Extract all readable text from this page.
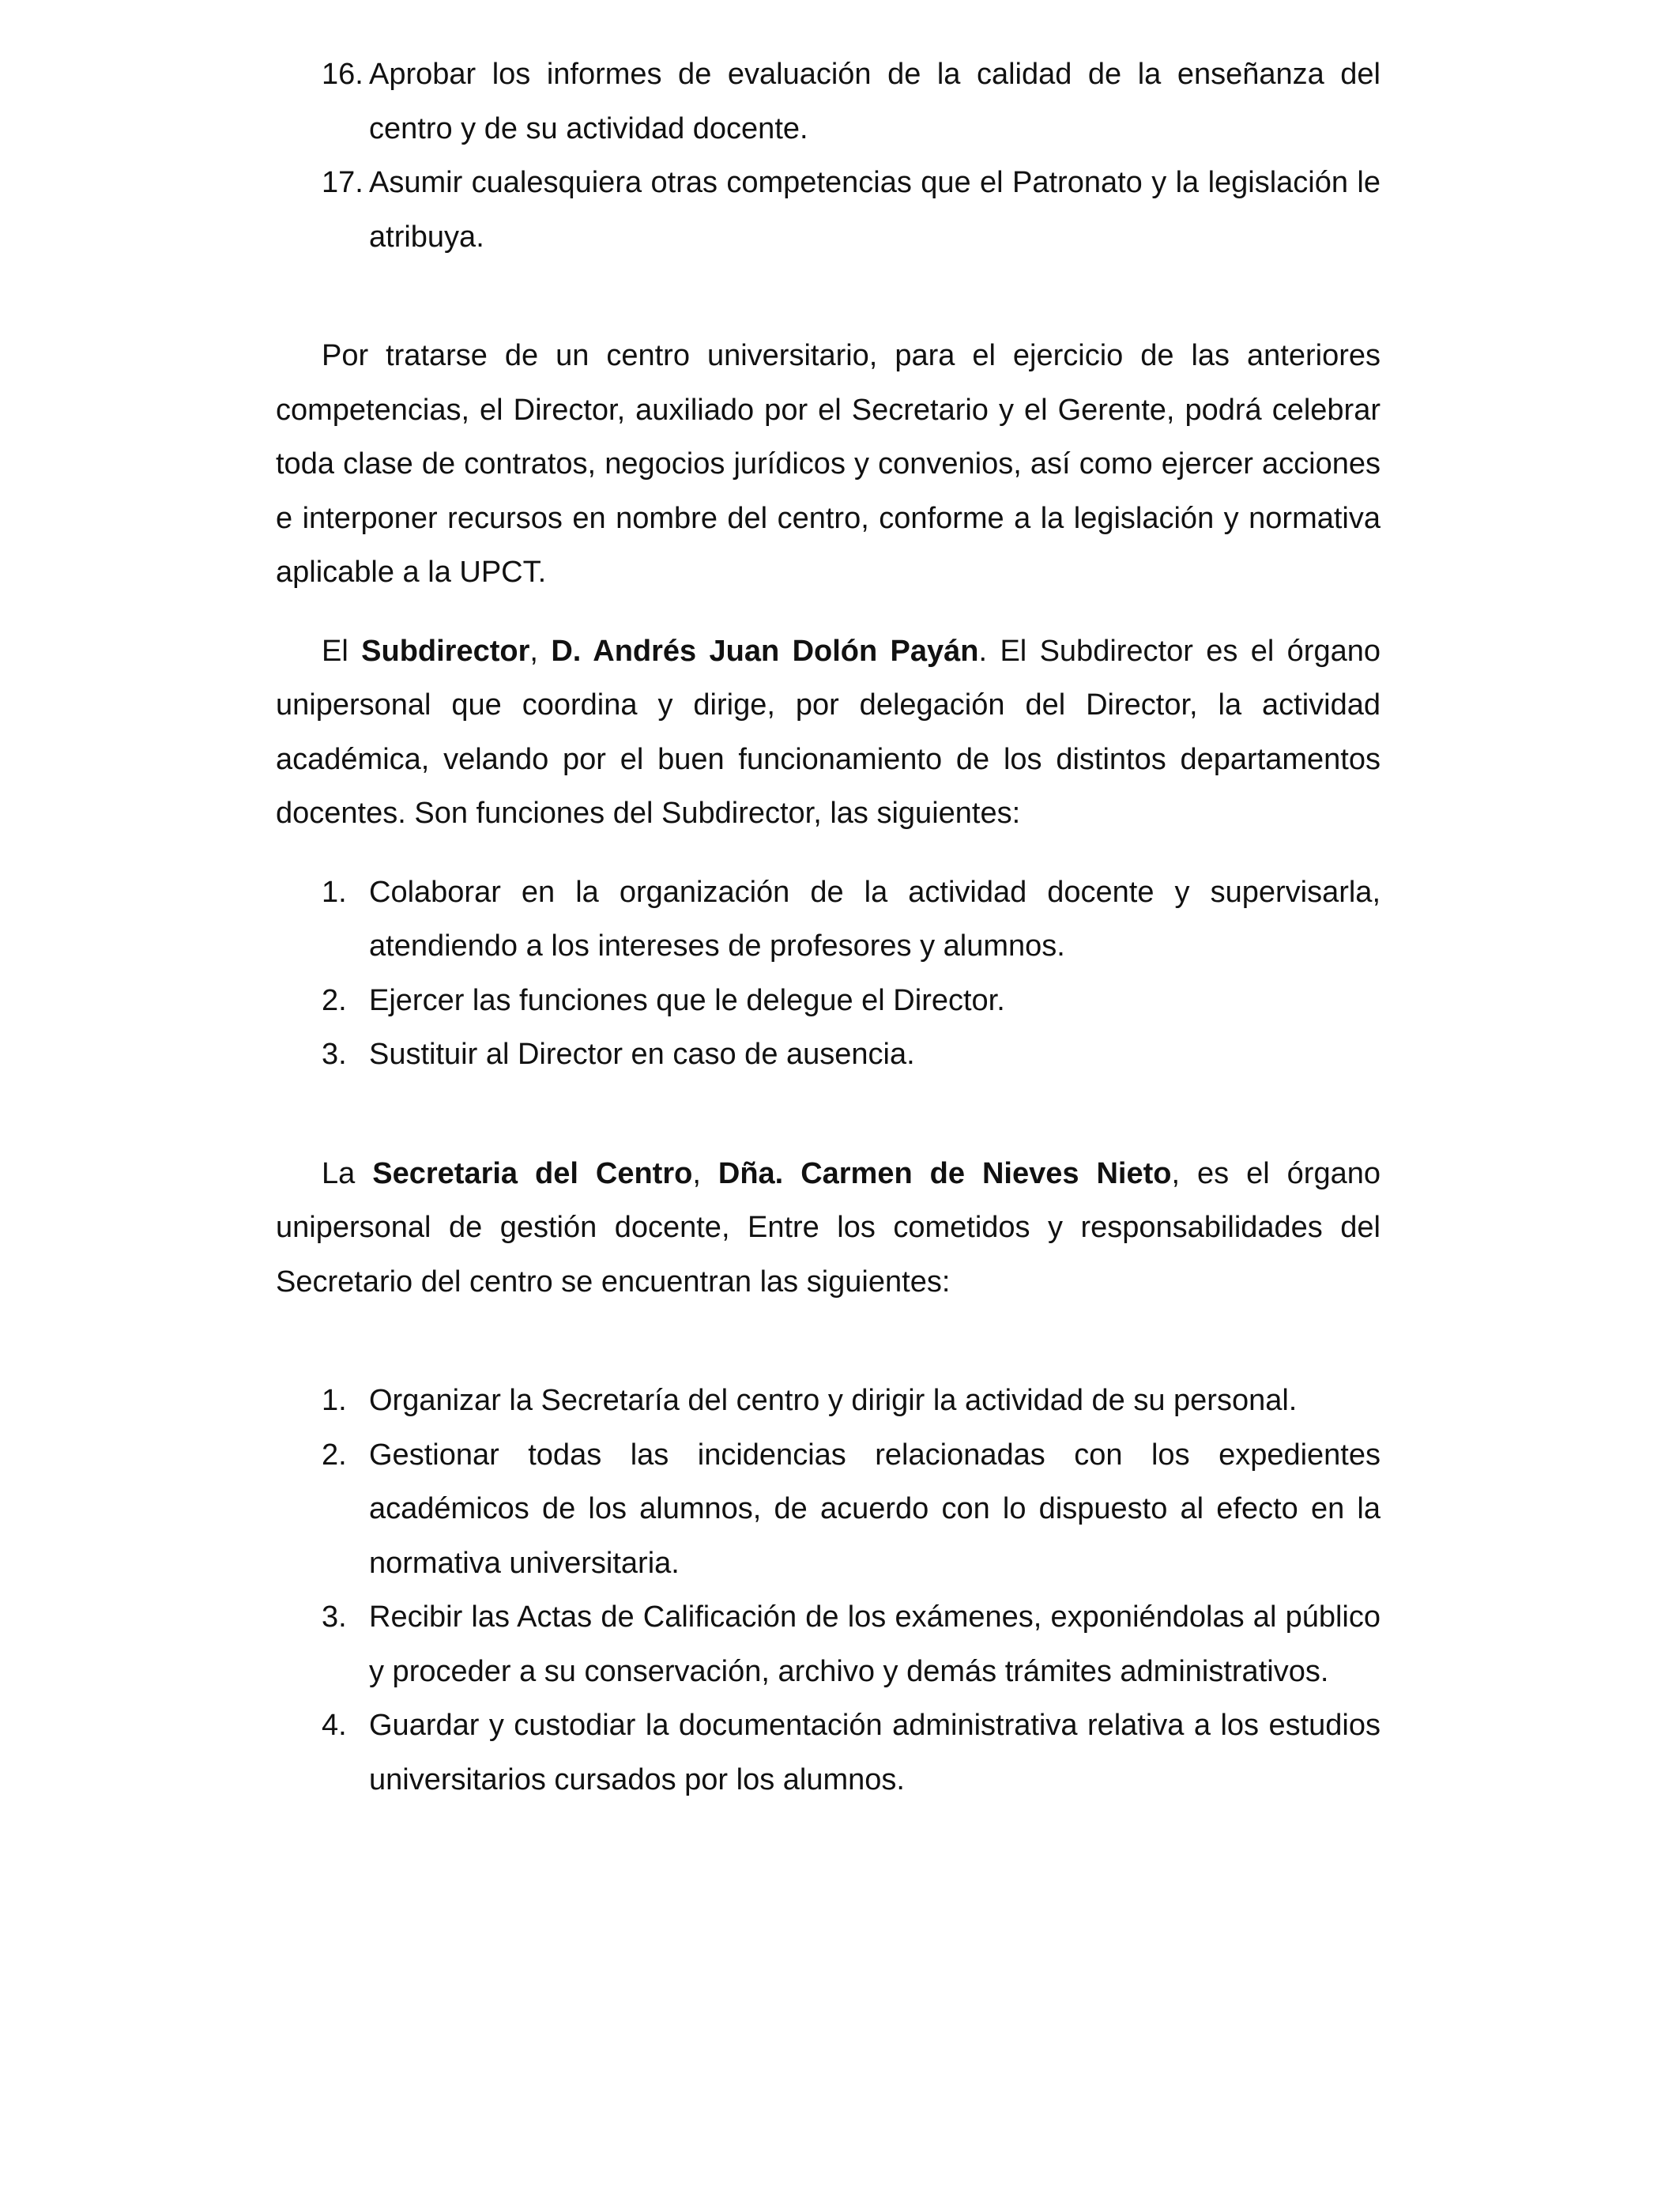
16. Aprobar los informes de evaluación de la calidad de la enseñanza del centro y de su actividad docente.
17. Asumir cualesquiera otras competencias que el Patronato y la legislación le atribuya.

Por tratarse de un centro universitario, para el ejercicio de las anteriores competencias, el Director, auxiliado por el Secretario y el Gerente, podrá celebrar toda clase de contratos, negocios jurídicos y convenios, así como ejercer acciones e interponer recursos en nombre del centro, conforme a la legislación y normativa aplicable a la UPCT.

El Subdirector, D. Andrés Juan Dolón Payán. El Subdirector es el órgano unipersonal que coordina y dirige, por delegación del Director, la actividad académica, velando por el buen funcionamiento de los distintos departamentos docentes. Son funciones del Subdirector, las siguientes:

1. Colaborar en la organización de la actividad docente y supervisarla, atendiendo a los intereses de profesores y alumnos.
2. Ejercer las funciones que le delegue el Director.
3. Sustituir al Director en caso de ausencia.

La Secretaria del Centro, Dña. Carmen de Nieves Nieto, es el órgano unipersonal de gestión docente, Entre los cometidos y responsabilidades del Secretario del centro se encuentran las siguientes:

1. Organizar la Secretaría del centro y dirigir la actividad de su personal.
2. Gestionar todas las incidencias relacionadas con los expedientes académicos de los alumnos, de acuerdo con lo dispuesto al efecto en la normativa universitaria.
3. Recibir las Actas de Calificación de los exámenes, exponiéndolas al público y proceder a su conservación, archivo y demás trámites administrativos.
4. Guardar y custodiar la documentación administrativa relativa a los estudios universitarios cursados por los alumnos.
